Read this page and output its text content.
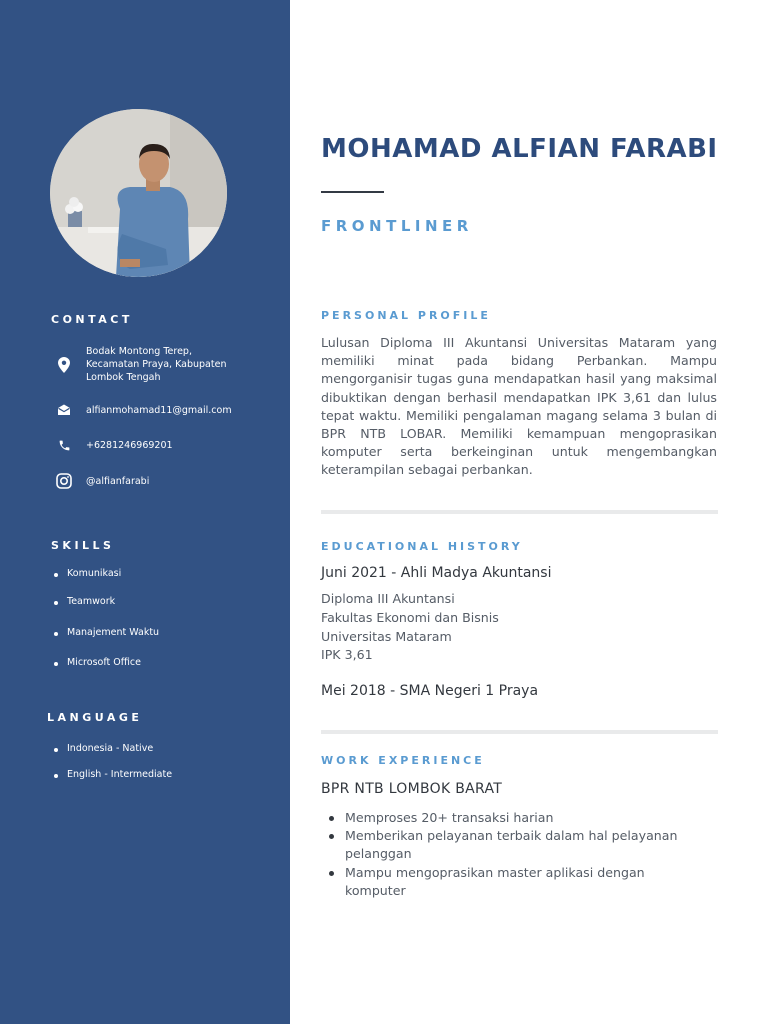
CONTACT
Bodak Montong Terep,
Kecamatan Praya, Kabupaten
Lombok Tengah
alfianmohamad11@gmail.com
+6281246969201
@alfianfarabi
SKILLS
Komunikasi
Teamwork
Manajement Waktu
Microsoft Office
LANGUAGE
Indonesia - Native
English - Intermediate
MOHAMAD ALFIAN FARABI
FRONTLINER
PERSONAL PROFILE
Lulusan Diploma III Akuntansi Universitas Mataram yang memiliki minat pada bidang Perbankan. Mampu mengorganisir tugas guna mendapatkan hasil yang maksimal dibuktikan dengan berhasil mendapatkan IPK 3,61 dan lulus tepat waktu. Memiliki pengalaman magang selama 3 bulan di BPR NTB LOBAR. Memiliki kemampuan mengoprasikan komputer serta berkeinginan untuk mengembangkan keterampilan sebagai perbankan.
EDUCATIONAL HISTORY
Juni 2021 - Ahli Madya Akuntansi
Diploma III Akuntansi
Fakultas Ekonomi dan Bisnis
Universitas Mataram
IPK 3,61
Mei 2018 - SMA Negeri 1 Praya
WORK EXPERIENCE
BPR NTB LOMBOK BARAT
Memproses 20+ transaksi harian
Memberikan pelayanan terbaik dalam hal pelayanan pelanggan
Mampu mengoprasikan master aplikasi dengan komputer
